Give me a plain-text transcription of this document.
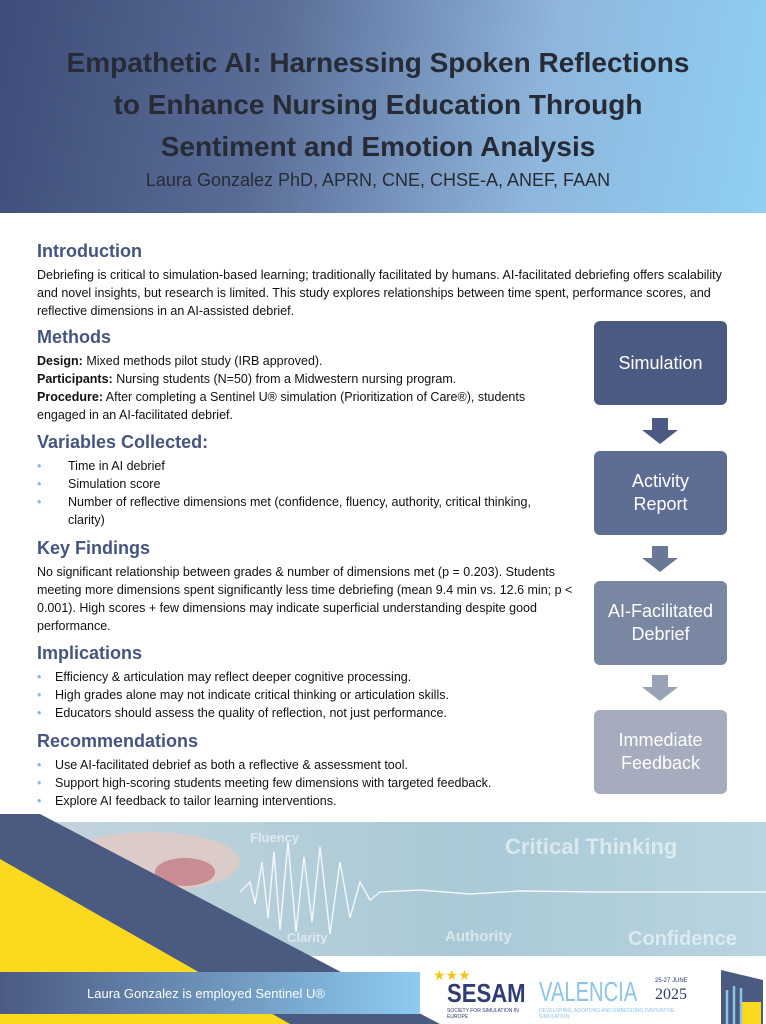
Empathetic AI: Harnessing Spoken Reflections
to Enhance Nursing Education Through
Sentiment and Emotion Analysis
Laura Gonzalez PhD, APRN, CNE, CHSE-A, ANEF, FAAN
Introduction

Debriefing is critical to simulation-based learning; traditionally facilitated by humans. AI-facilitated debriefing offers scalability and novel insights, but research is limited. This study explores relationships between time spent, performance scores, and reflective dimensions in an AI-assisted debrief.

Methods

Design: Mixed methods pilot study (IRB approved).

Participants: Nursing students (N=50) from a Midwestern nursing program.

Procedure: After completing a Sentinel U® simulation (Prioritization of Care®), students engaged in an AI-facilitated debrief.

Variables Collected:
• Time in AI debrief
• Simulation score
• Number of reflective dimensions met (confidence, fluency, authority, critical thinking, clarity)
Key Findings

No significant relationship between grades & number of dimensions met (p = 0.203). Students meeting more dimensions spent significantly less time debriefing (mean 9.4 min vs. 12.6 min; p < 0.001). High scores + few dimensions may indicate superficial understanding despite good performance.

Implications
• Efficiency & articulation may reflect deeper cognitive processing.
• High grades alone may not indicate critical thinking or articulation skills.
• Educators should assess the quality of reflection, not just performance.
Recommendations
• Use AI-facilitated debrief as both a reflective & assessment tool.
• Support high-scoring students meeting few dimensions with targeted feedback.
• Explore AI feedback to tailor learning interventions.
Simulation
Activity Report
AI-Facilitated Debrief
Immediate Feedback
Fluency	Critical Thinking
Clarity	Authority	Confidence
Laura Gonzalez is employed Sentinel U®
★★★
SESAM
SOCIETY FOR SIMULATION IN EUROPE
VALENCIA	25-27 JUNE
2025
DEVELOPING, ADOPTING AND EMBEDDING INNOVATIVE SIMULATION
